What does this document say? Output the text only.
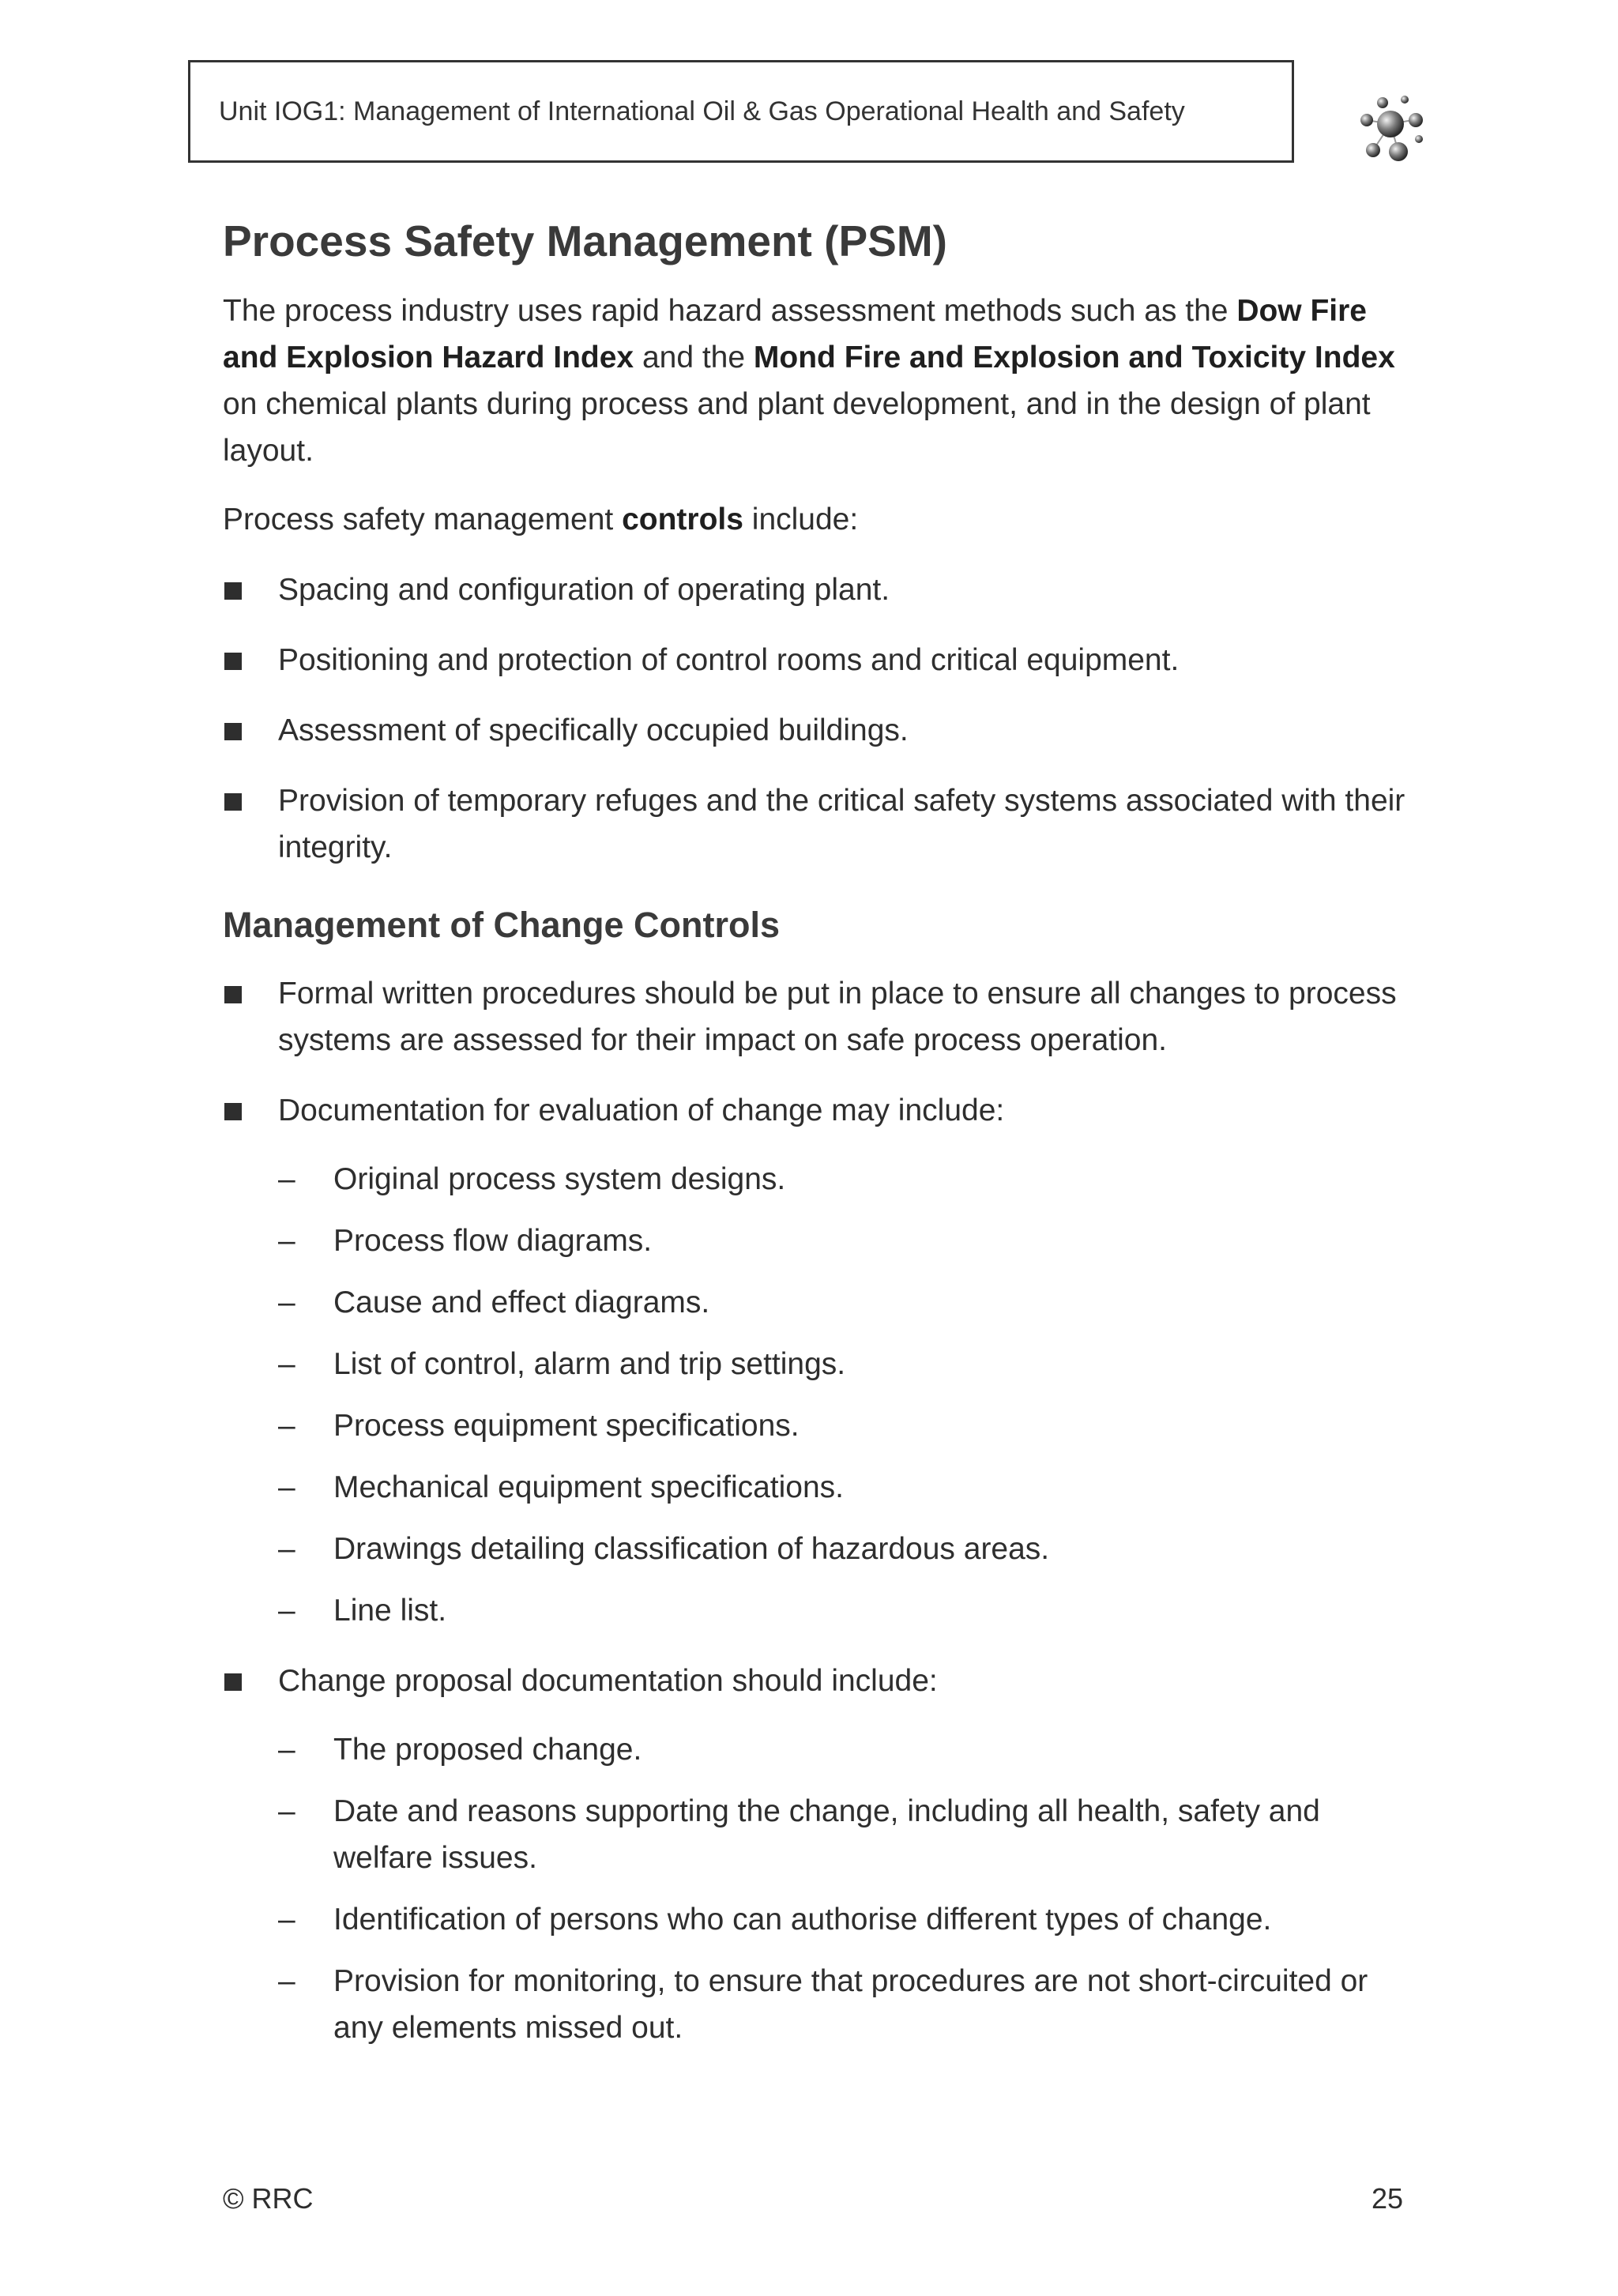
Unit IOG1: Management of International Oil & Gas Operational Health and Safety
Process Safety Management (PSM)

The process industry uses rapid hazard assessment methods such as the Dow Fire and Explosion Hazard Index and the Mond Fire and Explosion and Toxicity Index on chemical plants during process and plant development, and in the design of plant layout.

Process safety management controls include:

Spacing and configuration of operating plant.
Positioning and protection of control rooms and critical equipment.
Assessment of specifically occupied buildings.
Provision of temporary refuges and the critical safety systems associated with their integrity.
Management of Change Controls
Formal written procedures should be put in place to ensure all changes to process systems are assessed for their impact on safe process operation.
Documentation for evaluation of change may include:
– Original process system designs.
– Process flow diagrams.
– Cause and effect diagrams.
– List of control, alarm and trip settings.
– Process equipment specifications.
– Mechanical equipment specifications.
– Drawings detailing classification of hazardous areas.
– Line list.
Change proposal documentation should include:
– The proposed change.
– Date and reasons supporting the change, including all health, safety and welfare issues.
– Identification of persons who can authorise different types of change.
– Provision for monitoring, to ensure that procedures are not short-circuited or any elements missed out.
© RRC	25
